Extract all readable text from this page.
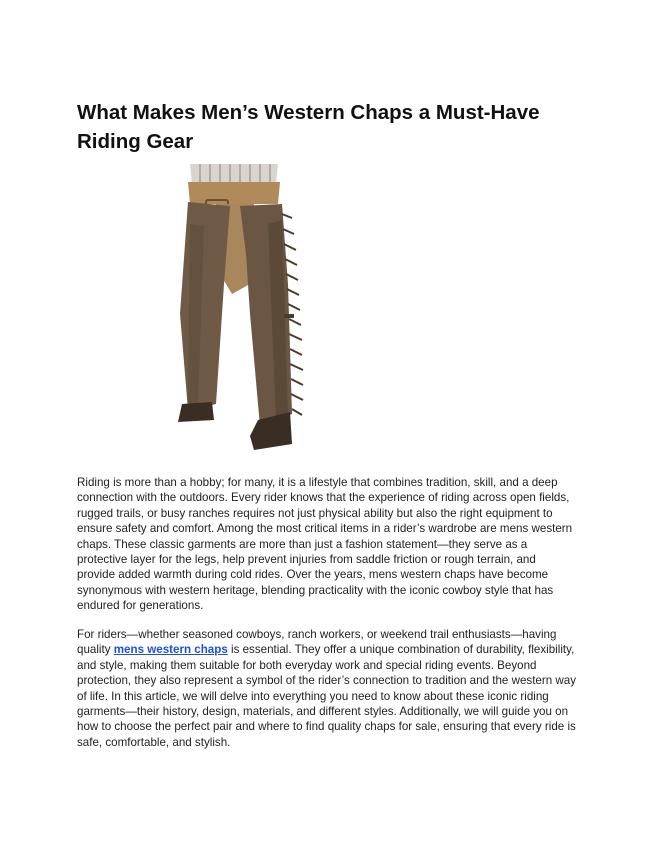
What Makes Men’s Western Chaps a Must-Have Riding Gear

Riding is more than a hobby; for many, it is a lifestyle that combines tradition, skill, and a deep connection with the outdoors. Every rider knows that the experience of riding across open fields, rugged trails, or busy ranches requires not just physical ability but also the right equipment to ensure safety and comfort. Among the most critical items in a rider’s wardrobe are mens western chaps. These classic garments are more than just a fashion statement—they serve as a protective layer for the legs, help prevent injuries from saddle friction or rough terrain, and provide added warmth during cold rides. Over the years, mens western chaps have become synonymous with western heritage, blending practicality with the iconic cowboy style that has endured for generations.

For riders—whether seasoned cowboys, ranch workers, or weekend trail enthusiasts—having quality mens western chaps is essential. They offer a unique combination of durability, flexibility, and style, making them suitable for both everyday work and special riding events. Beyond protection, they also represent a symbol of the rider’s connection to tradition and the western way of life. In this article, we will delve into everything you need to know about these iconic riding garments—their history, design, materials, and different styles. Additionally, we will guide you on how to choose the perfect pair and where to find quality chaps for sale, ensuring that every ride is safe, comfortable, and stylish.
